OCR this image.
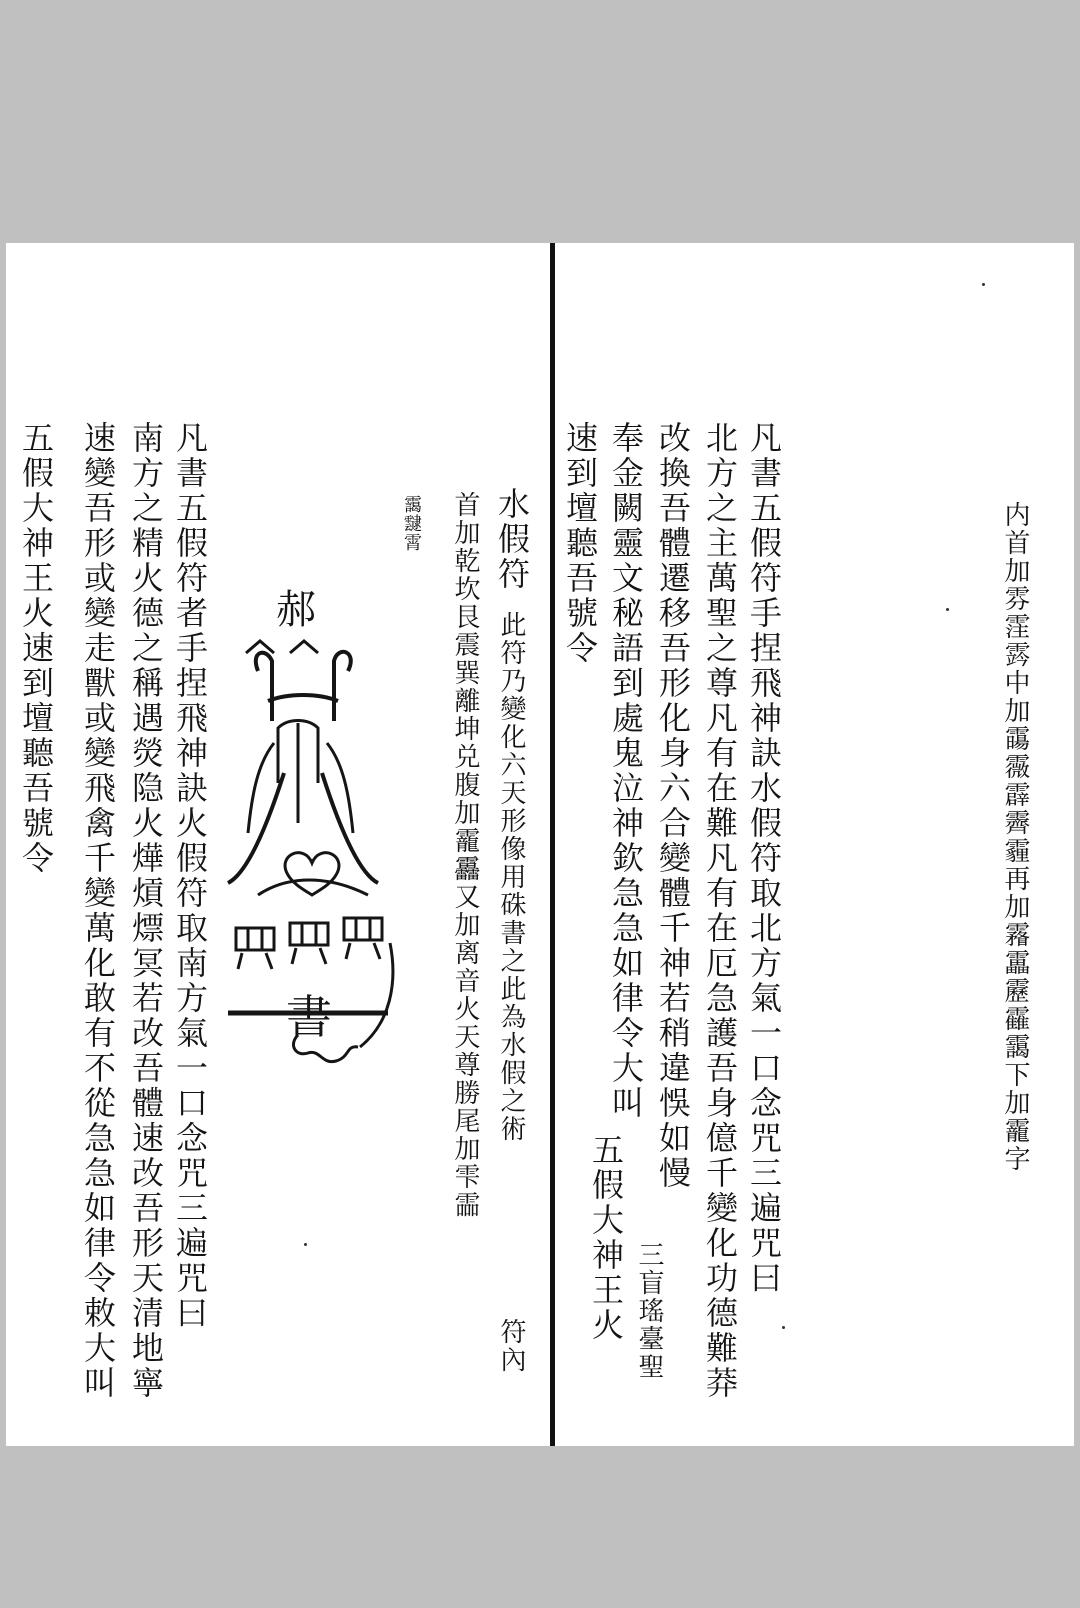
内首加雰霔霠中加霷霺霹霽霾再加霿靁靂靃靄下加靇字
凡書五假符手捏飛神訣水假符取北方氣一口念咒三遍咒曰
北方之主萬聖之尊凡有在難凡有在厄急護吾身億千變化功德難莽
改換吾體遷移吾形化身六合變體千神若稍違悞如慢
奉金闕靈文秘語到處鬼泣神欽急急如律令大叫
速到壇聽吾號令
三盲瑤臺聖
五假大神王火
水假符
此符乃變化六天形像用硃書之此為水假之術
符內
首加乾坎艮震巽離坤兑腹加靇靐又加离音火天尊勝尾加雫霝
靄靆霄
凡書五假符者手捏飛神訣火假符取南方氣一口念咒三遍咒曰
南方之精火德之稱遇熒隐火燁熕熛冥若改吾體速改吾形天清地寧
速變吾形或變走獸或變飛禽千變萬化敢有不從急急如律令敕大叫
五假大神王火速到壇聽吾號令	郝
書
